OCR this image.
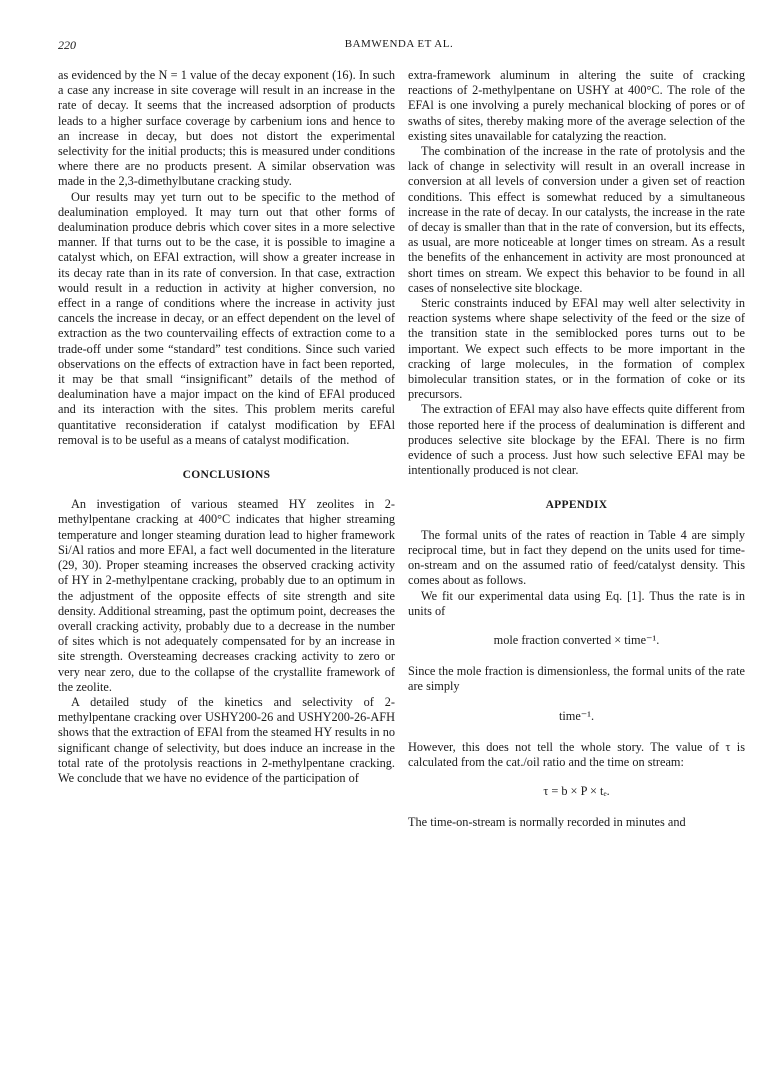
220	BAMWENDA ET AL.

as evidenced by the N = 1 value of the decay exponent (16). In such a case any increase in site coverage will result in an increase in the rate of decay. It seems that the increased adsorption of products leads to a higher surface coverage by carbenium ions and hence to an increase in decay, but does not distort the experimental selectivity for the initial products; this is measured under conditions where there are no products present. A similar observation was made in the 2,3-dimethylbutane cracking study.

Our results may yet turn out to be specific to the method of dealumination employed. It may turn out that other forms of dealumination produce debris which cover sites in a more selective manner. If that turns out to be the case, it is possible to imagine a catalyst which, on EFAl extraction, will show a greater increase in its decay rate than in its rate of conversion. In that case, extraction would result in a reduction in activity at higher conversion, no effect in a range of conditions where the increase in activity just cancels the increase in decay, or an effect dependent on the level of extraction as the two countervailing effects of extraction come to a trade-off under some “standard” test conditions. Since such varied observations on the effects of extraction have in fact been reported, it may be that small “insignificant” details of the method of dealumination have a major impact on the kind of EFAl produced and its interaction with the sites. This problem merits careful quantitative reconsideration if catalyst modification by EFAl removal is to be useful as a means of catalyst modification.

CONCLUSIONS

An investigation of various steamed HY zeolites in 2-methylpentane cracking at 400°C indicates that higher streaming temperature and longer steaming duration lead to higher framework Si/Al ratios and more EFAl, a fact well documented in the literature (29, 30). Proper steaming increases the observed cracking activity of HY in 2-methylpentane cracking, probably due to an optimum in the adjustment of the opposite effects of site strength and site density. Additional streaming, past the optimum point, decreases the overall cracking activity, probably due to a decrease in the number of sites which is not adequately compensated for by an increase in site strength. Oversteaming decreases cracking activity to zero or very near zero, due to the collapse of the crystallite framework of the zeolite.

A detailed study of the kinetics and selectivity of 2-methylpentane cracking over USHY200-26 and USHY200-26-AFH shows that the extraction of EFAl from the steamed HY results in no significant change of selectivity, but does induce an increase in the total rate of the protolysis reactions in 2-methylpentane cracking. We conclude that we have no evidence of the participation of

extra-framework aluminum in altering the suite of cracking reactions of 2-methylpentane on USHY at 400°C. The role of the EFAl is one involving a purely mechanical blocking of pores or of swaths of sites, thereby making more of the average selection of the existing sites unavailable for catalyzing the reaction.

The combination of the increase in the rate of protolysis and the lack of change in selectivity will result in an overall increase in conversion at all levels of conversion under a given set of reaction conditions. This effect is somewhat reduced by a simultaneous increase in the rate of decay. In our catalysts, the increase in the rate of decay is smaller than that in the rate of conversion, but its effects, as usual, are more noticeable at longer times on stream. As a result the benefits of the enhancement in activity are most pronounced at short times on stream. We expect this behavior to be found in all cases of nonselective site blockage.

Steric constraints induced by EFAl may well alter selectivity in reaction systems where shape selectivity of the feed or the size of the transition state in the semiblocked pores turns out to be important. We expect such effects to be more important in the cracking of large molecules, in the formation of complex bimolecular transition states, or in the formation of coke or its precursors.

The extraction of EFAl may also have effects quite different from those reported here if the process of dealumination is different and produces selective site blockage by the EFAl. There is no firm evidence of such a process. Just how such selective EFAl may be intentionally produced is not clear.

APPENDIX

The formal units of the rates of reaction in Table 4 are simply reciprocal time, but in fact they depend on the units used for time-on-stream and on the assumed ratio of feed/catalyst density. This comes about as follows.

We fit our experimental data using Eq. [1]. Thus the rate is in units of

mole fraction converted × time⁻¹.

Since the mole fraction is dimensionless, the formal units of the rate are simply

time⁻¹.

However, this does not tell the whole story. The value of τ is calculated from the cat./oil ratio and the time on stream:

τ = b × P × tₑ.

The time-on-stream is normally recorded in minutes and
